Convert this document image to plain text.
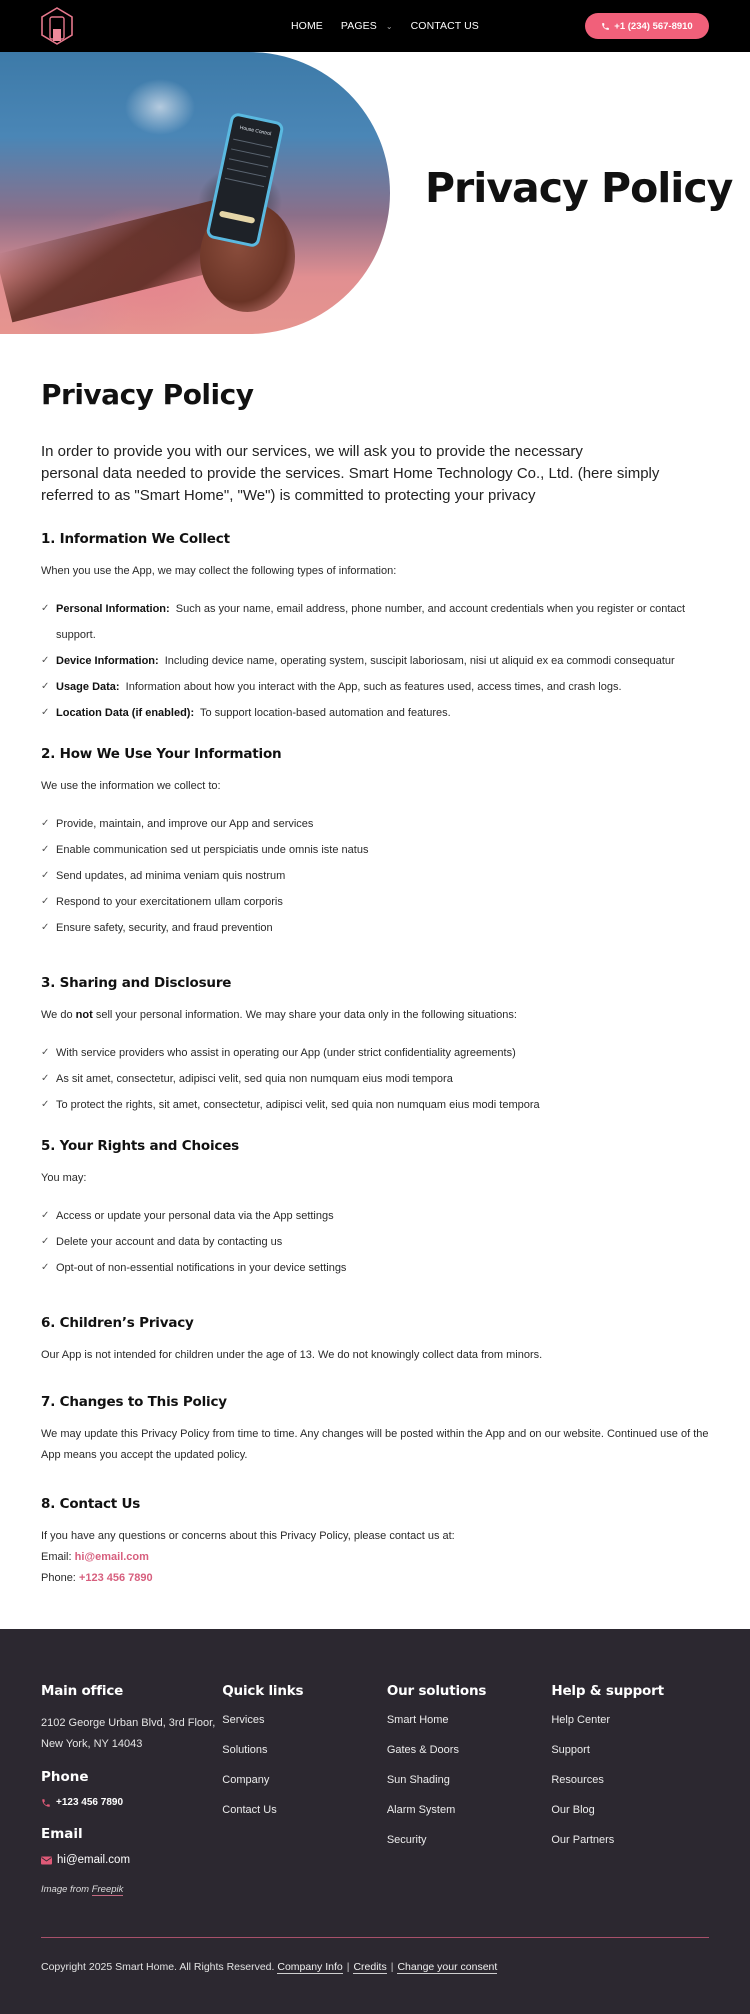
HOME PAGES ⌄ CONTACT US	+1 (234) 567-8910
House Control
Privacy Policy
Privacy Policy

In order to provide you with our services, we will ask you to provide the necessary
personal data needed to provide the services. Smart Home Technology Co., Ltd. (here simply referred to as "Smart Home", "We") is committed to protecting your privacy

1. Information We Collect

When you use the App, we may collect the following types of information:

✓ Personal Information: Such as your name, email address, phone number, and account credentials when you register or contact support.
✓ Device Information: Including device name, operating system, suscipit laboriosam, nisi ut aliquid ex ea commodi consequatur
✓ Usage Data: Information about how you interact with the App, such as features used, access times, and crash logs.
✓ Location Data (if enabled): To support location-based automation and features.
2. How We Use Your Information

We use the information we collect to:

✓ Provide, maintain, and improve our App and services
✓ Enable communication sed ut perspiciatis unde omnis iste natus
✓ Send updates, ad minima veniam quis nostrum
✓ Respond to your exercitationem ullam corporis
✓ Ensure safety, security, and fraud prevention
3. Sharing and Disclosure

We do not sell your personal information. We may share your data only in the following situations:

✓ With service providers who assist in operating our App (under strict confidentiality agreements)
✓ As sit amet, consectetur, adipisci velit, sed quia non numquam eius modi tempora
✓ To protect the rights, sit amet, consectetur, adipisci velit, sed quia non numquam eius modi tempora
5. Your Rights and Choices

You may:

✓ Access or update your personal data via the App settings
✓ Delete your account and data by contacting us
✓ Opt-out of non-essential notifications in your device settings
6. Children’s Privacy

Our App is not intended for children under the age of 13. We do not knowingly collect data from minors.

7. Changes to This Policy

We may update this Privacy Policy from time to time. Any changes will be posted within the App and on our website. Continued use of the App means you accept the updated policy.

8. Contact Us

If you have any questions or concerns about this Privacy Policy, please contact us at:

Email: hi@email.com

Phone: +123 456 7890

Main office

2102 George Urban Blvd, 3rd Floor, New York, NY 14043

Phone
+123 456 7890
Email
hi@email.com

Image from Freepik

Quick links
Services
Solutions
Company
Contact Us
Our solutions
Smart Home
Gates & Doors
Sun Shading
Alarm System
Security
Help & support
Help Center
Support
Resources
Our Blog
Our Partners
Copyright 2025 Smart Home. All Rights Reserved. Company Info | Credits | Change your consent
